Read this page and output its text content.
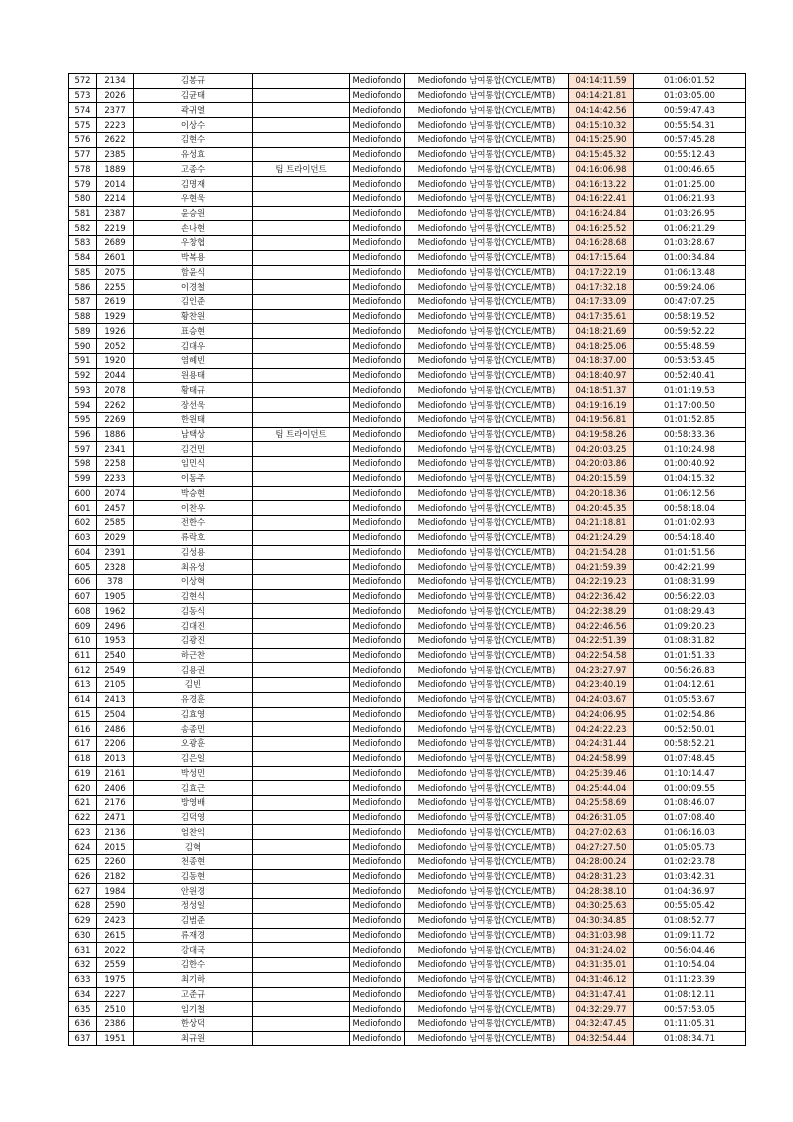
572	2134	김봉규		Mediofondo	Mediofondo 남여통합(CYCLE/MTB)	04:14:11.59	01:06:01.52
573	2026	김균태		Mediofondo	Mediofondo 남여통합(CYCLE/MTB)	04:14:21.81	01:03:05.00
574	2377	곽귀열		Mediofondo	Mediofondo 남여통합(CYCLE/MTB)	04:14:42.56	00:59:47.43
575	2223	이상수		Mediofondo	Mediofondo 남여통합(CYCLE/MTB)	04:15:10.32	00:55:54.31
576	2622	김현수		Mediofondo	Mediofondo 남여통합(CYCLE/MTB)	04:15:25.90	00:57:45.28
577	2385	유성효		Mediofondo	Mediofondo 남여통합(CYCLE/MTB)	04:15:45.32	00:55:12.43
578	1889	고종수	팀 트라이던트	Mediofondo	Mediofondo 남여통합(CYCLE/MTB)	04:16:06.98	01:00:46.65
579	2014	김명재		Mediofondo	Mediofondo 남여통합(CYCLE/MTB)	04:16:13.22	01:01:25.00
580	2214	우현욱		Mediofondo	Mediofondo 남여통합(CYCLE/MTB)	04:16:22.41	01:06:21.93
581	2387	윤승원		Mediofondo	Mediofondo 남여통합(CYCLE/MTB)	04:16:24.84	01:03:26.95
582	2219	손나현		Mediofondo	Mediofondo 남여통합(CYCLE/MTB)	04:16:25.52	01:06:21.29
583	2689	우창협		Mediofondo	Mediofondo 남여통합(CYCLE/MTB)	04:16:28.68	01:03:28.67
584	2601	박복용		Mediofondo	Mediofondo 남여통합(CYCLE/MTB)	04:17:15.64	01:00:34.84
585	2075	함윤식		Mediofondo	Mediofondo 남여통합(CYCLE/MTB)	04:17:22.19	01:06:13.48
586	2255	이경철		Mediofondo	Mediofondo 남여통합(CYCLE/MTB)	04:17:32.18	00:59:24.06
587	2619	김인준		Mediofondo	Mediofondo 남여통합(CYCLE/MTB)	04:17:33.09	00:47:07.25
588	1929	황찬원		Mediofondo	Mediofondo 남여통합(CYCLE/MTB)	04:17:35.61	00:58:19.52
589	1926	표승현		Mediofondo	Mediofondo 남여통합(CYCLE/MTB)	04:18:21.69	00:59:52.22
590	2052	김대우		Mediofondo	Mediofondo 남여통합(CYCLE/MTB)	04:18:25.06	00:55:48.59
591	1920	염혜빈		Mediofondo	Mediofondo 남여통합(CYCLE/MTB)	04:18:37.00	00:53:53.45
592	2044	원용태		Mediofondo	Mediofondo 남여통합(CYCLE/MTB)	04:18:40.97	00:52:40.41
593	2078	황태규		Mediofondo	Mediofondo 남여통합(CYCLE/MTB)	04:18:51.37	01:01:19.53
594	2262	장선욱		Mediofondo	Mediofondo 남여통합(CYCLE/MTB)	04:19:16.19	01:17:00.50
595	2269	한원태		Mediofondo	Mediofondo 남여통합(CYCLE/MTB)	04:19:56.81	01:01:52.85
596	1886	남택상	팀 트라이던트	Mediofondo	Mediofondo 남여통합(CYCLE/MTB)	04:19:58.26	00:58:33.36
597	2341	김건민		Mediofondo	Mediofondo 남여통합(CYCLE/MTB)	04:20:03.25	01:10:24.98
598	2258	임민식		Mediofondo	Mediofondo 남여통합(CYCLE/MTB)	04:20:03.86	01:00:40.92
599	2233	이동주		Mediofondo	Mediofondo 남여통합(CYCLE/MTB)	04:20:15.59	01:04:15.32
600	2074	박승현		Mediofondo	Mediofondo 남여통합(CYCLE/MTB)	04:20:18.36	01:06:12.56
601	2457	이찬우		Mediofondo	Mediofondo 남여통합(CYCLE/MTB)	04:20:45.35	00:58:18.04
602	2585	전한수		Mediofondo	Mediofondo 남여통합(CYCLE/MTB)	04:21:18.81	01:01:02.93
603	2029	류락호		Mediofondo	Mediofondo 남여통합(CYCLE/MTB)	04:21:24.29	00:54:18.40
604	2391	김성용		Mediofondo	Mediofondo 남여통합(CYCLE/MTB)	04:21:54.28	01:01:51.56
605	2328	최유성		Mediofondo	Mediofondo 남여통합(CYCLE/MTB)	04:21:59.39	00:42:21.99
606	378	이상혁		Mediofondo	Mediofondo 남여통합(CYCLE/MTB)	04:22:19.23	01:08:31.99
607	1905	김현식		Mediofondo	Mediofondo 남여통합(CYCLE/MTB)	04:22:36.42	00:56:22.03
608	1962	김동식		Mediofondo	Mediofondo 남여통합(CYCLE/MTB)	04:22:38.29	01:08:29.43
609	2496	김대진		Mediofondo	Mediofondo 남여통합(CYCLE/MTB)	04:22:46.56	01:09:20.23
610	1953	김광진		Mediofondo	Mediofondo 남여통합(CYCLE/MTB)	04:22:51.39	01:08:31.82
611	2540	하근찬		Mediofondo	Mediofondo 남여통합(CYCLE/MTB)	04:22:54.58	01:01:51.33
612	2549	김용권		Mediofondo	Mediofondo 남여통합(CYCLE/MTB)	04:23:27.97	00:56:26.83
613	2105	김빈		Mediofondo	Mediofondo 남여통합(CYCLE/MTB)	04:23:40.19	01:04:12.61
614	2413	유경훈		Mediofondo	Mediofondo 남여통합(CYCLE/MTB)	04:24:03.67	01:05:53.67
615	2504	김효영		Mediofondo	Mediofondo 남여통합(CYCLE/MTB)	04:24:06.95	01:02:54.86
616	2486	송종민		Mediofondo	Mediofondo 남여통합(CYCLE/MTB)	04:24:22.23	00:52:50.01
617	2206	오광훈		Mediofondo	Mediofondo 남여통합(CYCLE/MTB)	04:24:31.44	00:58:52.21
618	2013	김은일		Mediofondo	Mediofondo 남여통합(CYCLE/MTB)	04:24:58.99	01:07:48.45
619	2161	박성민		Mediofondo	Mediofondo 남여통합(CYCLE/MTB)	04:25:39.46	01:10:14.47
620	2406	김효근		Mediofondo	Mediofondo 남여통합(CYCLE/MTB)	04:25:44.04	01:00:09.55
621	2176	방영배		Mediofondo	Mediofondo 남여통합(CYCLE/MTB)	04:25:58.69	01:08:46.07
622	2471	김덕영		Mediofondo	Mediofondo 남여통합(CYCLE/MTB)	04:26:31.05	01:07:08.40
623	2136	엄찬익		Mediofondo	Mediofondo 남여통합(CYCLE/MTB)	04:27:02.63	01:06:16.03
624	2015	김혁		Mediofondo	Mediofondo 남여통합(CYCLE/MTB)	04:27:27.50	01:05:05.73
625	2260	천종현		Mediofondo	Mediofondo 남여통합(CYCLE/MTB)	04:28:00.24	01:02:23.78
626	2182	김동현		Mediofondo	Mediofondo 남여통합(CYCLE/MTB)	04:28:31.23	01:03:42.31
627	1984	안원경		Mediofondo	Mediofondo 남여통합(CYCLE/MTB)	04:28:38.10	01:04:36.97
628	2590	정성일		Mediofondo	Mediofondo 남여통합(CYCLE/MTB)	04:30:25.63	00:55:05.42
629	2423	김범준		Mediofondo	Mediofondo 남여통합(CYCLE/MTB)	04:30:34.85	01:08:52.77
630	2615	류재경		Mediofondo	Mediofondo 남여통합(CYCLE/MTB)	04:31:03.98	01:09:11.72
631	2022	강대국		Mediofondo	Mediofondo 남여통합(CYCLE/MTB)	04:31:24.02	00:56:04.46
632	2559	김한수		Mediofondo	Mediofondo 남여통합(CYCLE/MTB)	04:31:35.01	01:10:54.04
633	1975	최기하		Mediofondo	Mediofondo 남여통합(CYCLE/MTB)	04:31:46.12	01:11:23.39
634	2227	고준규		Mediofondo	Mediofondo 남여통합(CYCLE/MTB)	04:31:47.41	01:08:12.11
635	2510	임기철		Mediofondo	Mediofondo 남여통합(CYCLE/MTB)	04:32:29.77	00:57:53.05
636	2386	한상덕		Mediofondo	Mediofondo 남여통합(CYCLE/MTB)	04:32:47.45	01:11:05.31
637	1951	최규원		Mediofondo	Mediofondo 남여통합(CYCLE/MTB)	04:32:54.44	01:08:34.71
